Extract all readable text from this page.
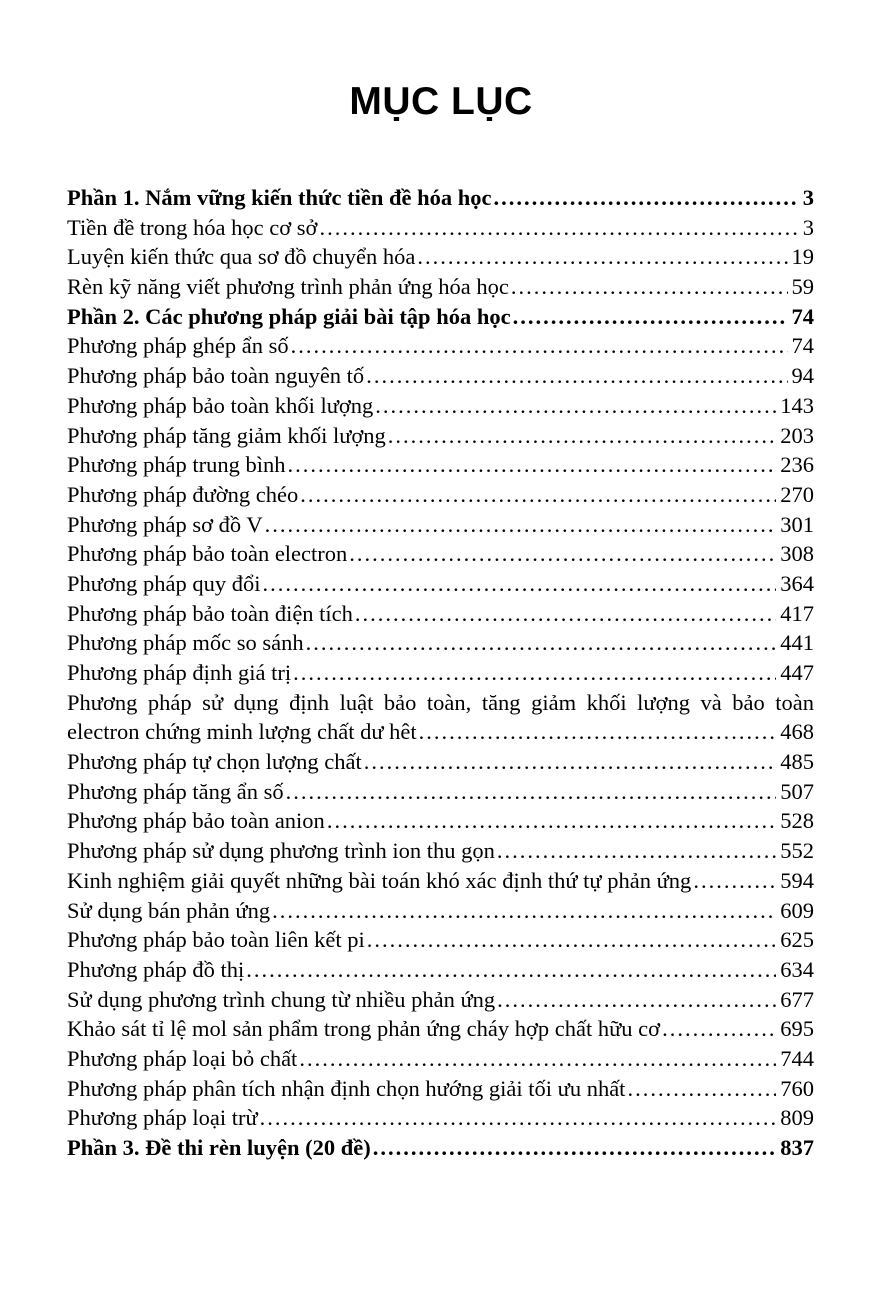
MỤC LỤC
Phần 1. Nắm vững kiến thức tiền đề hóa học .....	3
Tiền đề trong hóa học cơ sở .....	3
Luyện kiến thức qua sơ đồ chuyển hóa .....	19
Rèn kỹ năng viết phương trình phản ứng hóa học .....	59
Phần 2. Các phương pháp giải bài tập hóa học .....	74
Phương pháp ghép ẩn số .....	74
Phương pháp bảo toàn nguyên tố .....	94
Phương pháp bảo toàn khối lượng .....	143
Phương pháp tăng giảm khối lượng .....	203
Phương pháp trung bình .....	236
Phương pháp đường chéo .....	270
Phương pháp sơ đồ V .....	301
Phương pháp bảo toàn electron .....	308
Phương pháp quy đổi .....	364
Phương pháp bảo toàn điện tích .....	417
Phương pháp mốc so sánh .....	441
Phương pháp định giá trị .....	447
Phương pháp sử dụng định luật bảo toàn, tăng giảm khối lượng và bảo toàn
electron chứng minh lượng chất dư hêt .....	468
Phương pháp tự chọn lượng chất .....	485
Phương pháp tăng ẩn số .....	507
Phương pháp bảo toàn anion .....	528
Phương pháp sử dụng phương trình ion thu gọn .....	552
Kinh nghiệm giải quyết những bài toán khó xác định thứ tự phản ứng .....	594
Sử dụng bán phản ứng .....	609
Phương pháp bảo toàn liên kết pi .....	625
Phương pháp đồ thị .....	634
Sử dụng phương trình chung từ nhiều phản ứng .....	677
Khảo sát tỉ lệ mol sản phẩm trong phản ứng cháy hợp chất hữu cơ .....	695
Phương pháp loại bỏ chất .....	744
Phương pháp phân tích nhận định chọn hướng giải tối ưu nhất .....	760
Phương pháp loại trừ .....	809
Phần 3. Đề thi rèn luyện (20 đề) .....	837
